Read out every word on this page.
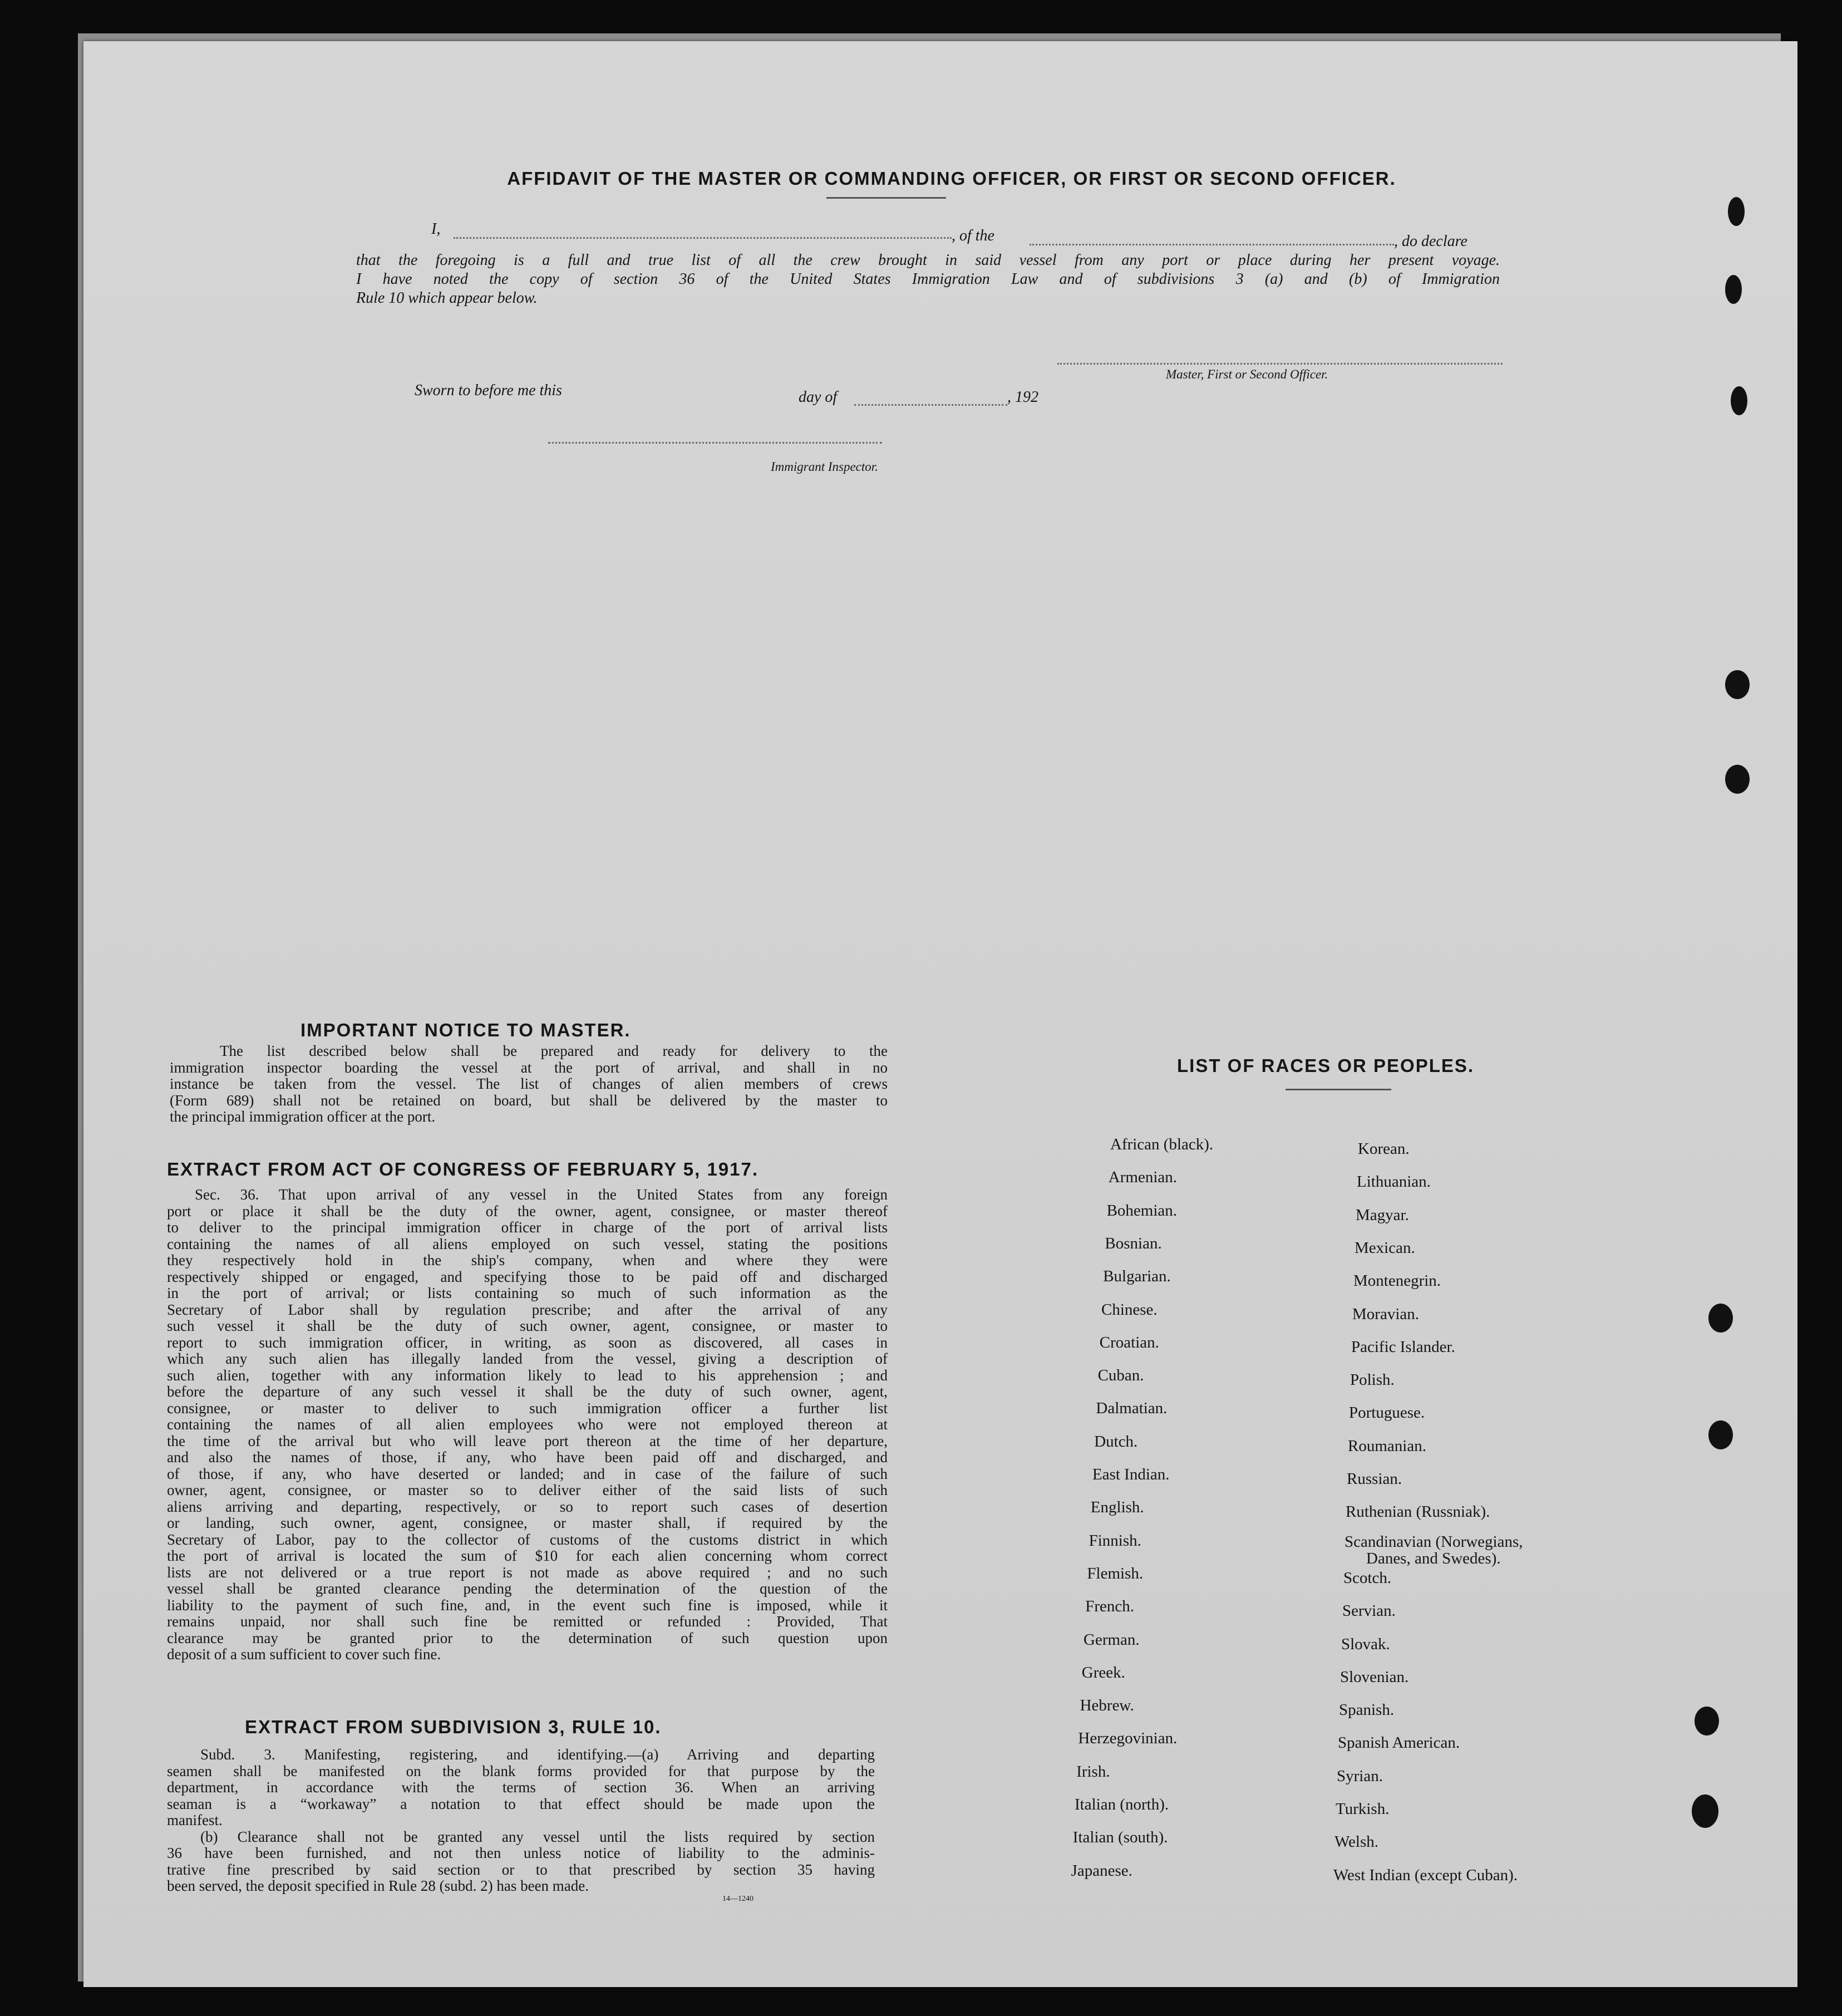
AFFIDAVIT OF THE MASTER OR COMMANDING OFFICER, OR FIRST OR SECOND OFFICER.
I,	, of the	, do declare
that the foregoing is a full and true list of all the crew brought in said vessel from any port or place during her present voyage.
I have noted the copy of section 36 of the United States Immigration Law and of subdivisions 3 (a) and (b) of Immigration
Rule 10 which appear below.
Master, First or Second Officer.
Sworn to before me this	day of	, 192
Immigrant Inspector.
IMPORTANT NOTICE TO MASTER.

The list described below shall be prepared and ready for delivery to the

immigration inspector boarding the vessel at the port of arrival, and shall in no

instance be taken from the vessel. The list of changes of alien members of crews

(Form 689) shall not be retained on board, but shall be delivered by the master to

the principal immigration officer at the port.

EXTRACT FROM ACT OF CONGRESS OF FEBRUARY 5, 1917.

Sec. 36. That upon arrival of any vessel in the United States from any foreign

port or place it shall be the duty of the owner, agent, consignee, or master thereof

to deliver to the principal immigration officer in charge of the port of arrival lists

containing the names of all aliens employed on such vessel, stating the positions

they respectively hold in the ship's company, when and where they were

respectively shipped or engaged, and specifying those to be paid off and discharged

in the port of arrival; or lists containing so much of such information as the

Secretary of Labor shall by regulation prescribe; and after the arrival of any

such vessel it shall be the duty of such owner, agent, consignee, or master to

report to such immigration officer, in writing, as soon as discovered, all cases in

which any such alien has illegally landed from the vessel, giving a description of

such alien, together with any information likely to lead to his apprehension ; and

before the departure of any such vessel it shall be the duty of such owner, agent,

consignee, or master to deliver to such immigration officer a further list

containing the names of all alien employees who were not employed thereon at

the time of the arrival but who will leave port thereon at the time of her departure,

and also the names of those, if any, who have been paid off and discharged, and

of those, if any, who have deserted or landed; and in case of the failure of such

owner, agent, consignee, or master so to deliver either of the said lists of such

aliens arriving and departing, respectively, or so to report such cases of desertion

or landing, such owner, agent, consignee, or master shall, if required by the

Secretary of Labor, pay to the collector of customs of the customs district in which

the port of arrival is located the sum of $10 for each alien concerning whom correct

lists are not delivered or a true report is not made as above required ; and no such

vessel shall be granted clearance pending the determination of the question of the

liability to the payment of such fine, and, in the event such fine is imposed, while it

remains unpaid, nor shall such fine be remitted or refunded : Provided, That

clearance may be granted prior to the determination of such question upon

deposit of a sum sufficient to cover such fine.

EXTRACT FROM SUBDIVISION 3, RULE 10.

Subd. 3. Manifesting, registering, and identifying.—(a) Arriving and departing

seamen shall be manifested on the blank forms provided for that purpose by the

department, in accordance with the terms of section 36. When an arriving

seaman is a “workaway” a notation to that effect should be made upon the

manifest.

(b) Clearance shall not be granted any vessel until the lists required by section

36 have been furnished, and not then unless notice of liability to the adminis-

trative fine prescribed by said section or to that prescribed by section 35 having

been served, the deposit specified in Rule 28 (subd. 2) has been made.

14—1240
LIST OF RACES OR PEOPLES.
African (black).
Armenian.
Bohemian.
Bosnian.
Bulgarian.
Chinese.
Croatian.
Cuban.
Dalmatian.
Dutch.
East Indian.
English.
Finnish.
Flemish.
French.
German.
Greek.
Hebrew.
Herzegovinian.
Irish.
Italian (north).
Italian (south).
Japanese.
Korean.
Lithuanian.
Magyar.
Mexican.
Montenegrin.
Moravian.
Pacific Islander.
Polish.
Portuguese.
Roumanian.
Russian.
Ruthenian (Russniak).
Scandinavian (Norwegians,
Scotch.
Servian.
Slovak.
Slovenian.
Spanish.
Spanish American.
Syrian.
Turkish.
Welsh.
West Indian (except Cuban).
Danes, and Swedes).
